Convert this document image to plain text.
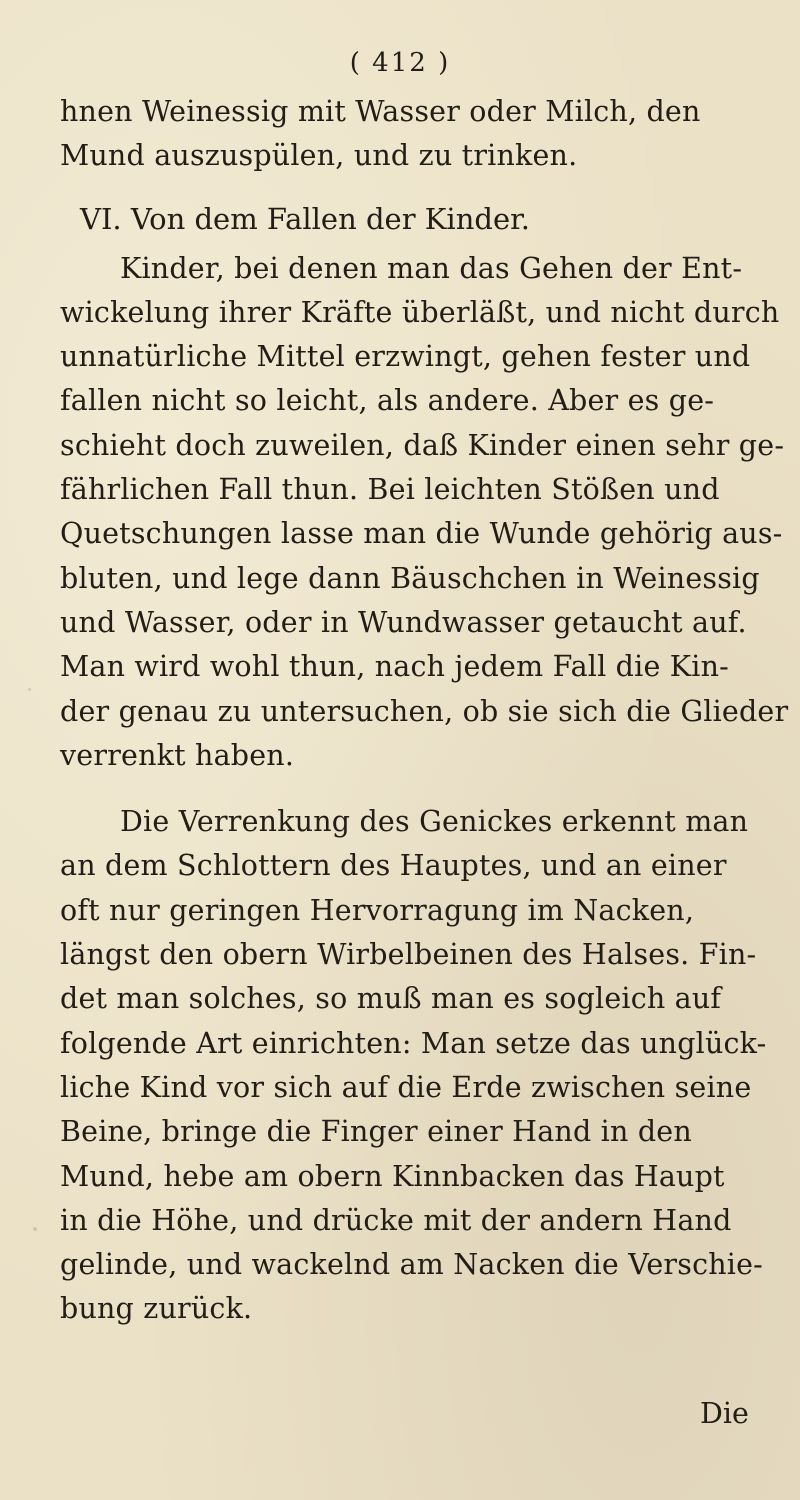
( 412 )
hnen Weinessig mit Wasser oder Milch, den
Mund auszuspülen, und zu trinken.
VI. Von dem Fallen der Kinder.
Kinder, bei denen man das Gehen der Ent-
wickelung ihrer Kräfte überläßt, und nicht durch
unnatürliche Mittel erzwingt, gehen fester und
fallen nicht so leicht, als andere. Aber es ge-
schieht doch zuweilen, daß Kinder einen sehr ge-
fährlichen Fall thun. Bei leichten Stößen und
Quetschungen lasse man die Wunde gehörig aus-
bluten, und lege dann Bäuschchen in Weinessig
und Wasser, oder in Wundwasser getaucht auf.
Man wird wohl thun, nach jedem Fall die Kin-
der genau zu untersuchen, ob sie sich die Glieder
verrenkt haben.
Die Verrenkung des Genickes erkennt man
an dem Schlottern des Hauptes, und an einer
oft nur geringen Hervorragung im Nacken,
längst den obern Wirbelbeinen des Halses. Fin-
det man solches, so muß man es sogleich auf
folgende Art einrichten: Man setze das unglück-
liche Kind vor sich auf die Erde zwischen seine
Beine, bringe die Finger einer Hand in den
Mund, hebe am obern Kinnbacken das Haupt
in die Höhe, und drücke mit der andern Hand
gelinde, und wackelnd am Nacken die Verschie-
bung zurück.
Die
